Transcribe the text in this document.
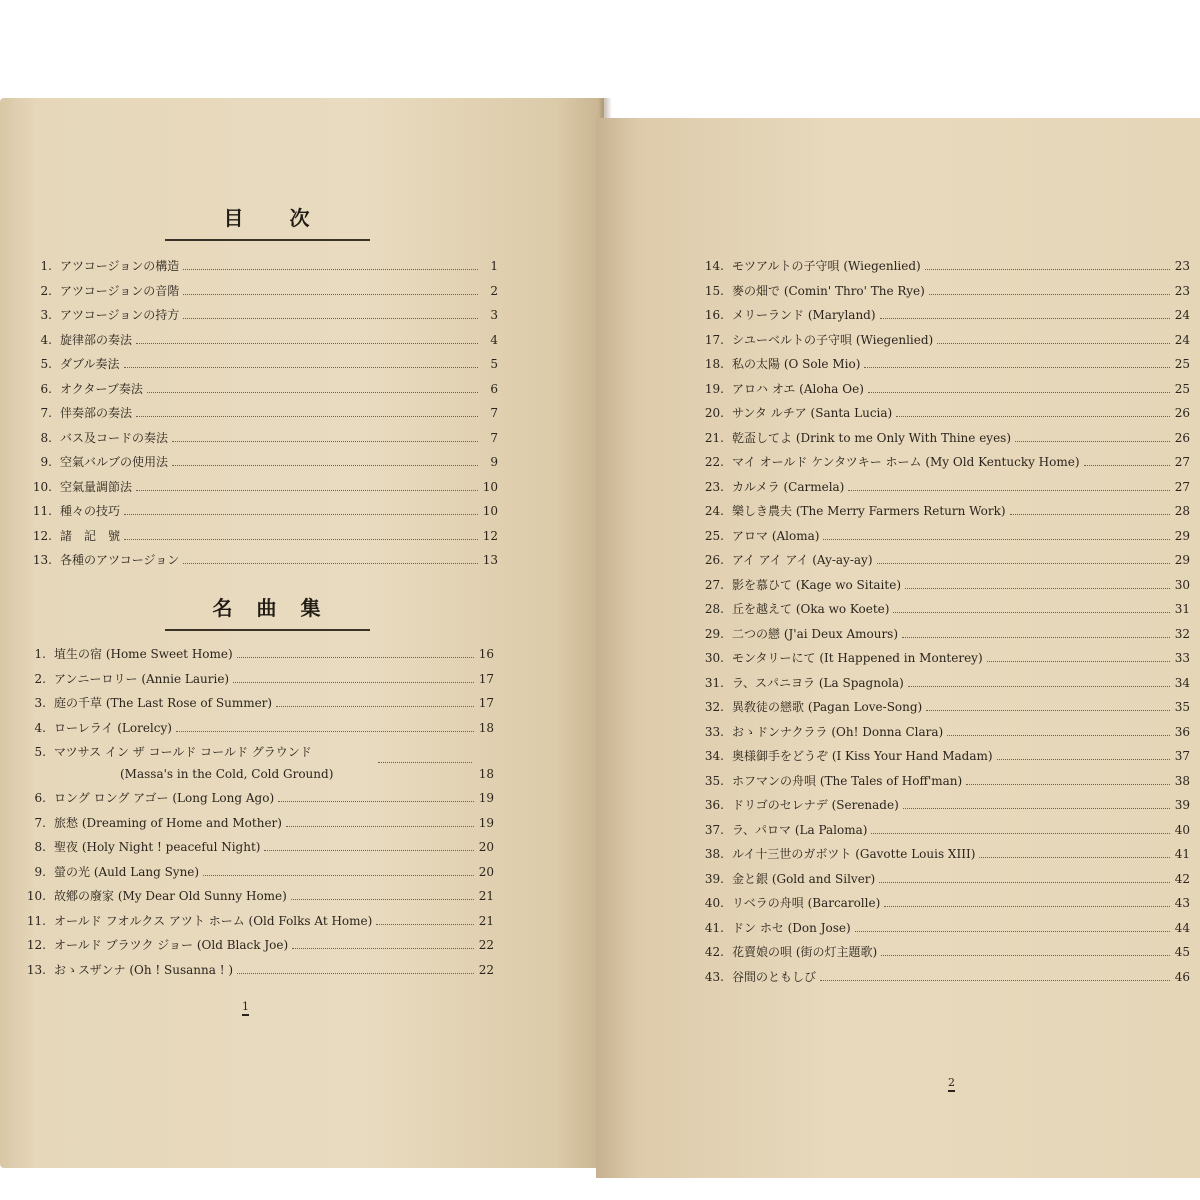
目　　次
1. アツコージョンの構造	1
2. アツコージョンの音階	2
3. アツコージョンの持方	3
4. 旋律部の奏法	4
5. ダブル奏法	5
6. オクターブ奏法	6
7. 伴奏部の奏法	7
8. バス及コードの奏法	7
9. 空氣バルブの使用法	9
10. 空氣量調節法	10
11. 種々の技巧	10
12. 諸　記　號	12
13. 各種のアツコージョン	13
名　曲　集
1. 埴生の宿 (Home Sweet Home)	16
2. アンニーロリー (Annie Laurie)	17
3. 庭の千草 (The Last Rose of Summer)	17
4. ローレライ (Lorelcy)	18
5. マツサス イン ザ コールド コールド グラウンド
(Massa's in the Cold, Cold Ground)	18
6. ロング ロング アゴー (Long Long Ago)	19
7. 旅愁 (Dreaming of Home and Mother)	19
8. 聖夜 (Holy Night ! peaceful Night)	20
9. 螢の光 (Auld Lang Syne)	20
10. 故鄕の廢家 (My Dear Old Sunny Home)	21
11. オールド フオルクス アツト ホーム (Old Folks At Home)	21
12. オールド ブラツク ジョー (Old Black Joe)	22
13. おゝスザンナ (Oh ! Susanna ! )	22
1
14. モツアルトの子守唄 (Wiegenlied)	23
15. 麥の畑で (Comin' Thro' The Rye)	23
16. メリーランド (Maryland)	24
17. シユーベルトの子守唄 (Wiegenlied)	24
18. 私の太陽 (O Sole Mio)	25
19. アロハ オエ (Aloha Oe)	25
20. サンタ ルチア (Santa Lucia)	26
21. 乾盃してよ (Drink to me Only With Thine eyes)	26
22. マイ オールド ケンタツキー ホーム (My Old Kentucky Home)	27
23. カルメラ (Carmela)	27
24. 樂しき農夫 (The Merry Farmers Return Work)	28
25. アロマ (Aloma)	29
26. アイ アイ アイ (Ay-ay-ay)	29
27. 影を慕ひて (Kage wo Sitaite)	30
28. 丘を越えて (Oka wo Koete)	31
29. 二つの戀 (J'ai Deux Amours)	32
30. モンタリーにて (It Happened in Monterey)	33
31. ラ、スパニヨラ (La Spagnola)	34
32. 異敎徒の戀歌 (Pagan Love-Song)	35
33. おゝドンナクララ (Oh! Donna Clara)	36
34. 奥様御手をどうぞ (I Kiss Your Hand Madam)	37
35. ホフマンの舟唄 (The Tales of Hoff'man)	38
36. ドリゴのセレナデ (Serenade)	39
37. ラ、パロマ (La Paloma)	40
38. ルイ十三世のガボツト (Gavotte Louis XIII)	41
39. 金と銀 (Gold and Silver)	42
40. リベラの舟唄 (Barcarolle)	43
41. ドン ホセ (Don Jose)	44
42. 花賣娘の唄 (街の灯主題歌)	45
43. 谷間のともしび	46
2
